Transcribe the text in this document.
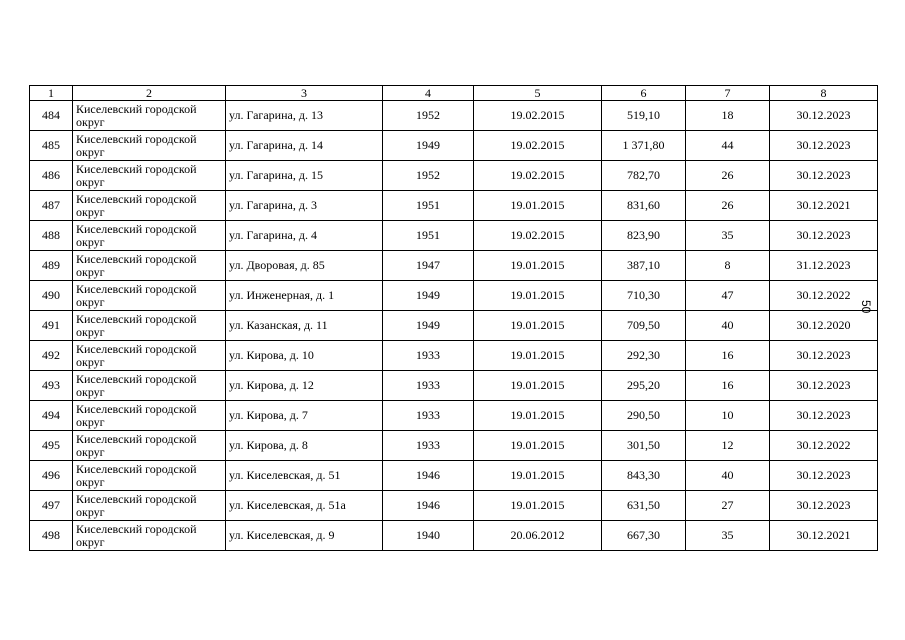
1	2	3	4	5	6	7	8
484	Киселевский городской округ	ул. Гагарина, д. 13	1952	19.02.2015	519,10	18	30.12.2023
485	Киселевский городской округ	ул. Гагарина, д. 14	1949	19.02.2015	1 371,80	44	30.12.2023
486	Киселевский городской округ	ул. Гагарина, д. 15	1952	19.02.2015	782,70	26	30.12.2023
487	Киселевский городской округ	ул. Гагарина, д. 3	1951	19.01.2015	831,60	26	30.12.2021
488	Киселевский городской округ	ул. Гагарина, д. 4	1951	19.02.2015	823,90	35	30.12.2023
489	Киселевский городской округ	ул. Дворовая, д. 85	1947	19.01.2015	387,10	8	31.12.2023
490	Киселевский городской округ	ул. Инженерная, д. 1	1949	19.01.2015	710,30	47	30.12.2022
491	Киселевский городской округ	ул. Казанская, д. 11	1949	19.01.2015	709,50	40	30.12.2020
492	Киселевский городской округ	ул. Кирова, д. 10	1933	19.01.2015	292,30	16	30.12.2023
493	Киселевский городской округ	ул. Кирова, д. 12	1933	19.01.2015	295,20	16	30.12.2023
494	Киселевский городской округ	ул. Кирова, д. 7	1933	19.01.2015	290,50	10	30.12.2023
495	Киселевский городской округ	ул. Кирова, д. 8	1933	19.01.2015	301,50	12	30.12.2022
496	Киселевский городской округ	ул. Киселевская, д. 51	1946	19.01.2015	843,30	40	30.12.2023
497	Киселевский городской округ	ул. Киселевская, д. 51а	1946	19.01.2015	631,50	27	30.12.2023
498	Киселевский городской округ	ул. Киселевская, д. 9	1940	20.06.2012	667,30	35	30.12.2021
50
